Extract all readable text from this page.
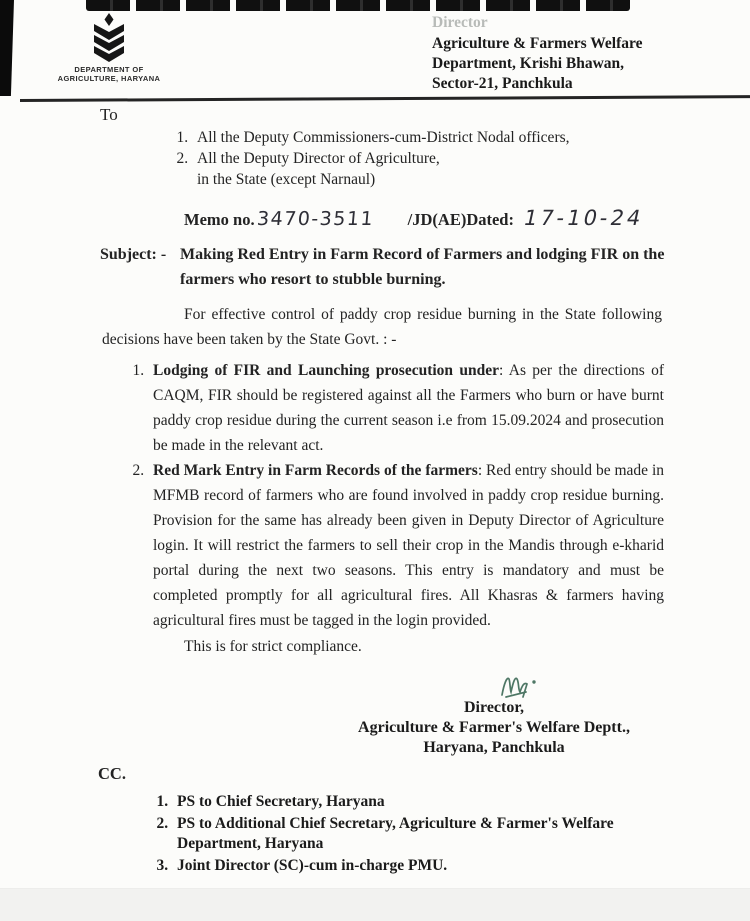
DEPARTMENT OF
AGRICULTURE, HARYANA
Director
Agriculture & Farmers Welfare
Department, Krishi Bhawan,
Sector-21, Panchkula
To
1. All the Deputy Commissioners-cum-District Nodal officers,
2. All the Deputy Director of Agriculture,
in the State (except Narnaul)
Memo no.3470-3511 /JD(AE)Dated: 17-10-24
Subject: - Making Red Entry in Farm Record of Farmers and lodging FIR on the farmers who resort to stubble burning.

For effective control of paddy crop residue burning in the State following decisions have been taken by the State Govt. : -

1. Lodging of FIR and Launching prosecution under: As per the directions of CAQM, FIR should be registered against all the Farmers who burn or have burnt paddy crop residue during the current season i.e from 15.09.2024 and prosecution be made in the relevant act.
2. Red Mark Entry in Farm Records of the farmers: Red entry should be made in MFMB record of farmers who are found involved in paddy crop residue burning. Provision for the same has already been given in Deputy Director of Agriculture login. It will restrict the farmers to sell their crop in the Mandis through e-kharid portal during the next two seasons. This entry is mandatory and must be completed promptly for all agricultural fires. All Khasras & farmers having agricultural fires must be tagged in the login provided.

This is for strict compliance.

Director,
Agriculture & Farmer's Welfare Deptt.,
Haryana, Panchkula
CC.
1. PS to Chief Secretary, Haryana
2. PS to Additional Chief Secretary, Agriculture & Farmer's Welfare Department, Haryana
3. Joint Director (SC)-cum in-charge PMU.
